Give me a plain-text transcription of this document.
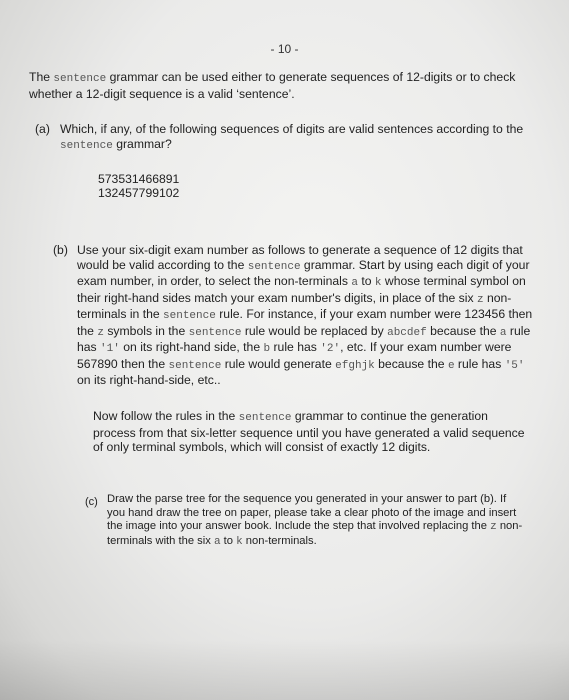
- 10 -
The sentence grammar can be used either to generate sequences of 12-digits or to check whether a 12-digit sequence is a valid ‘sentence’.
(a) Which, if any, of the following sequences of digits are valid sentences according to the sentence grammar?
573531466891
132457799102
(b) Use your six-digit exam number as follows to generate a sequence of 12 digits that would be valid according to the sentence grammar. Start by using each digit of your exam number, in order, to select the non-terminals a to k whose terminal symbol on their right-hand sides match your exam number's digits, in place of the six z non-terminals in the sentence rule. For instance, if your exam number were 123456 then the z symbols in the sentence rule would be replaced by abcdef because the a rule has '1' on its right-hand side, the b rule has '2', etc. If your exam number were 567890 then the sentence rule would generate efghjk because the e rule has '5' on its right-hand-side, etc..
Now follow the rules in the sentence grammar to continue the generation process from that six-letter sequence until you have generated a valid sequence of only terminal symbols, which will consist of exactly 12 digits.
(c) Draw the parse tree for the sequence you generated in your answer to part (b). If you hand draw the tree on paper, please take a clear photo of the image and insert the image into your answer book. Include the step that involved replacing the z non-terminals with the six a to k non-terminals.
